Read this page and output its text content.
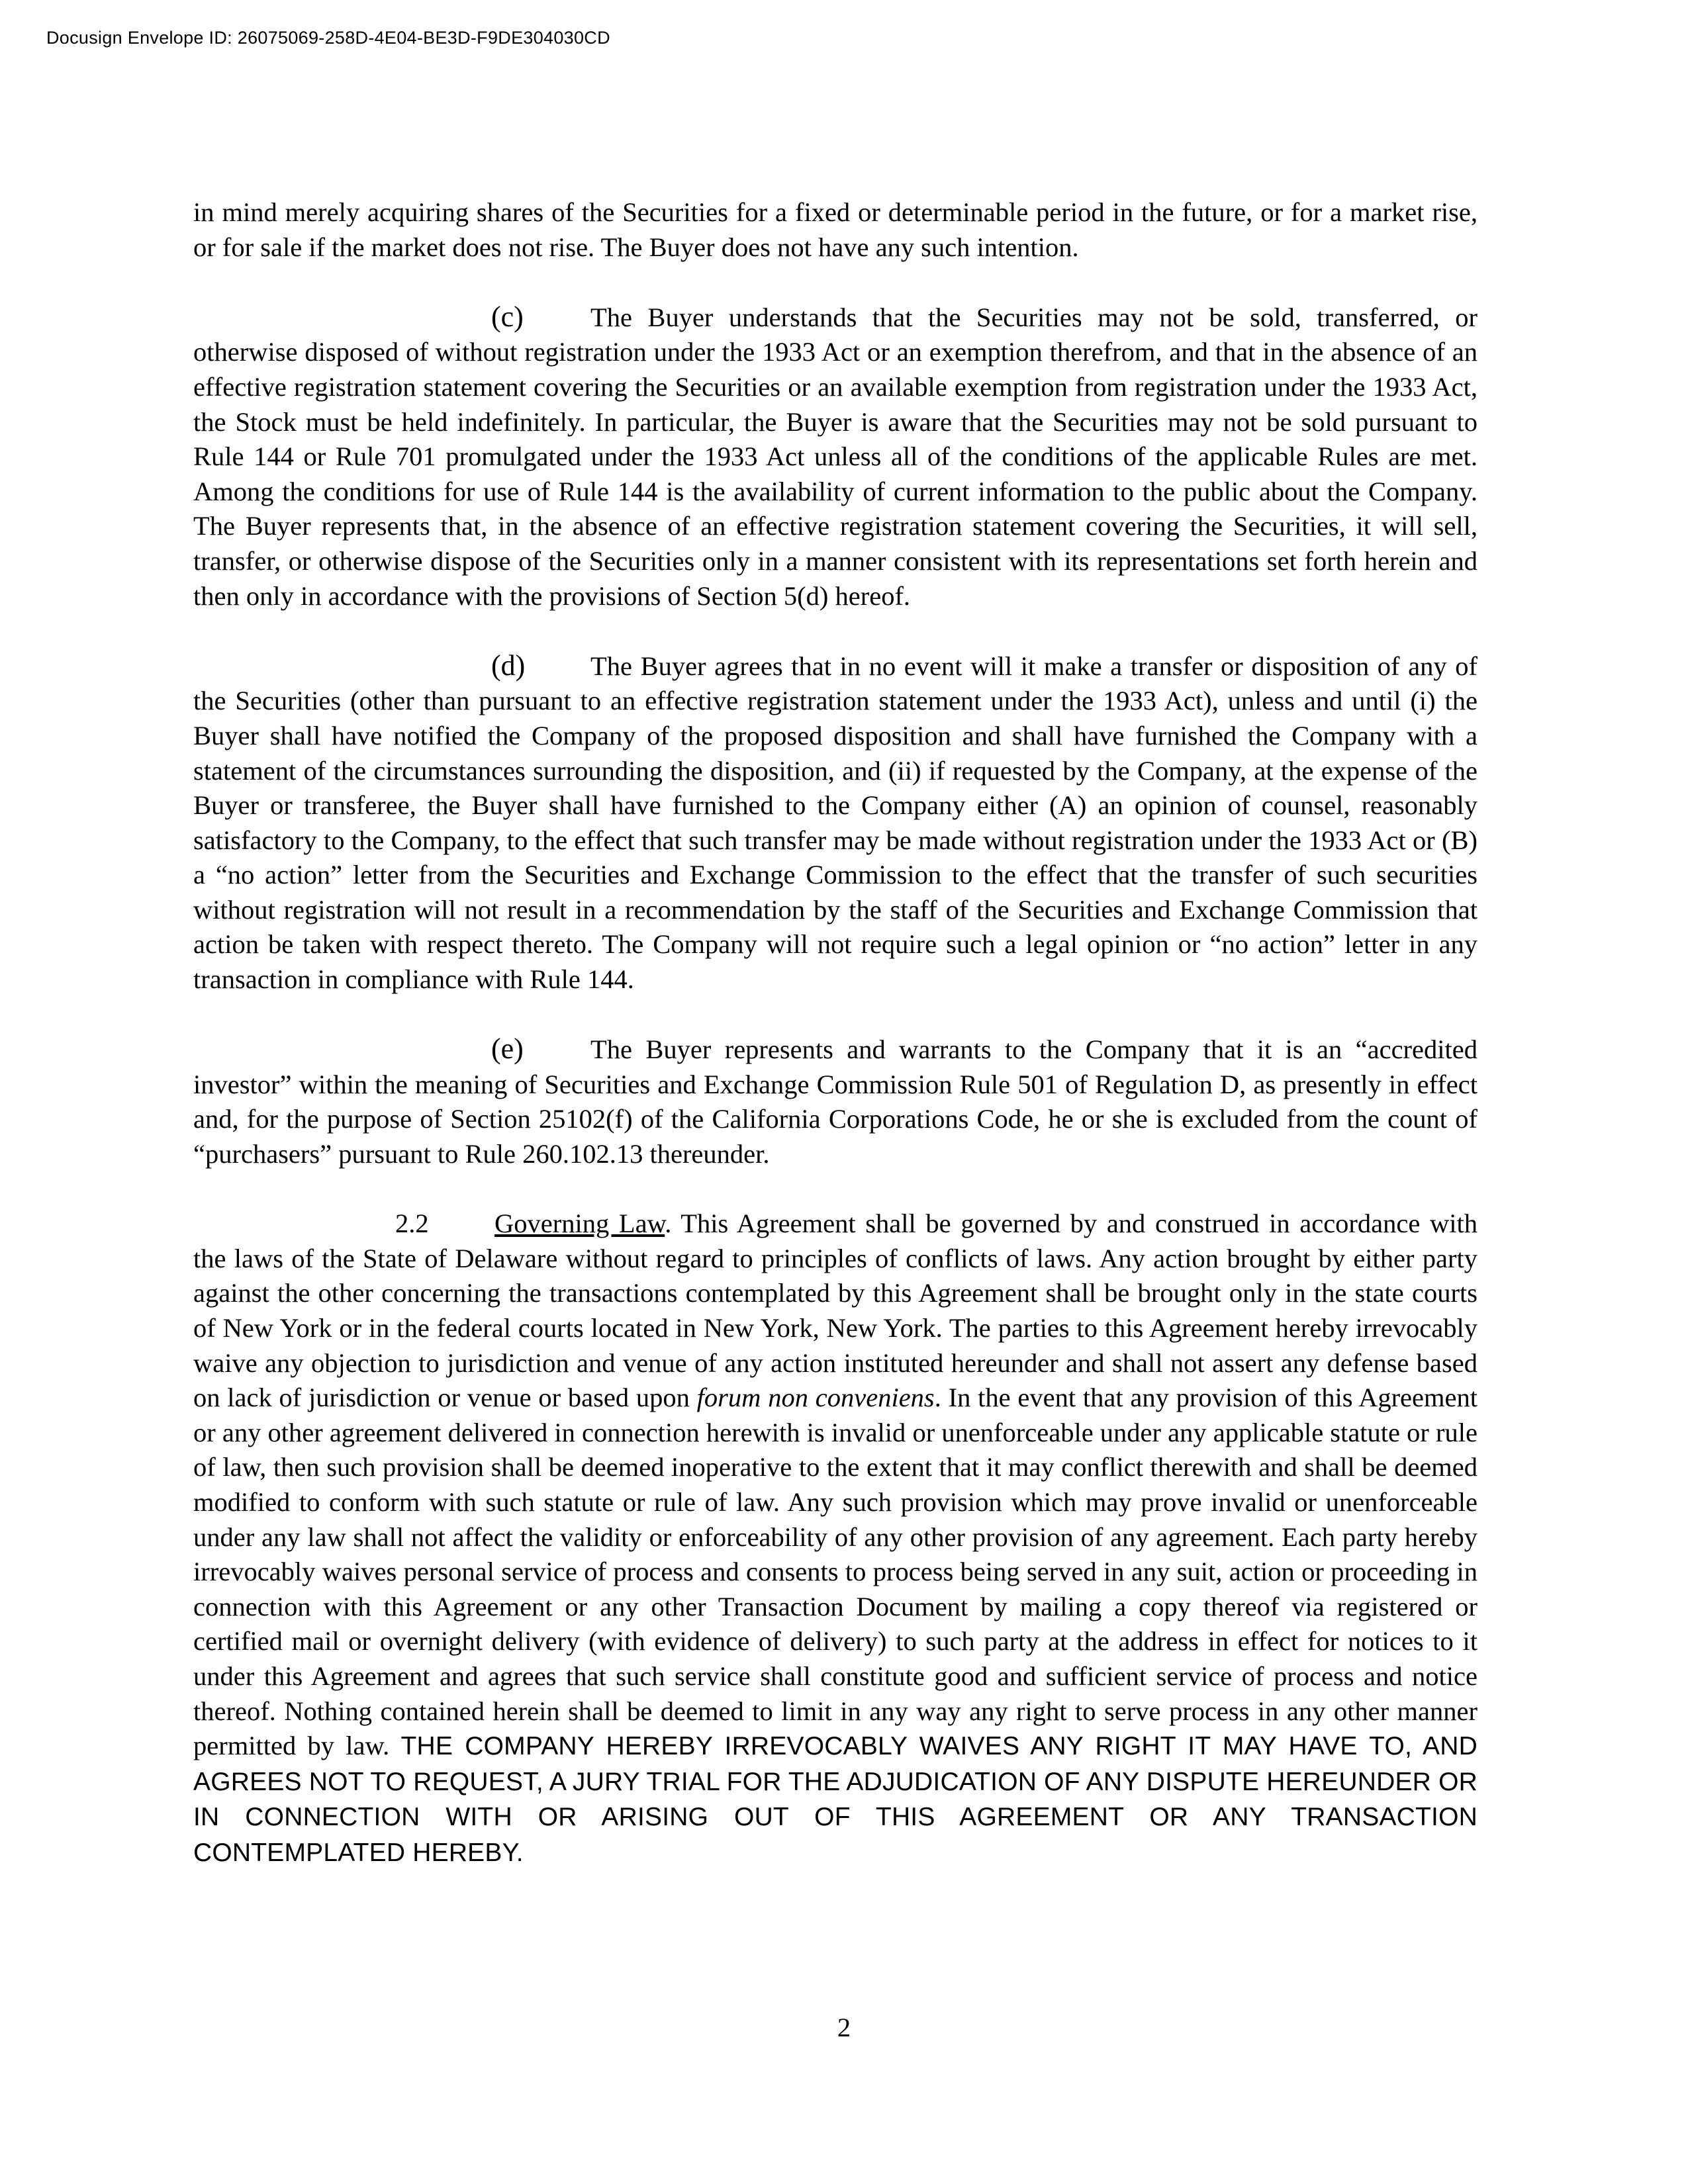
Docusign Envelope ID: 26075069-258D-4E04-BE3D-F9DE304030CD

in mind merely acquiring shares of the Securities for a fixed or determinable period in the future, or for a market rise, or for sale if the market does not rise. The Buyer does not have any such intention.

(c) The Buyer understands that the Securities may not be sold, transferred, or otherwise disposed of without registration under the 1933 Act or an exemption therefrom, and that in the absence of an effective registration statement covering the Securities or an available exemption from registration under the 1933 Act, the Stock must be held indefinitely. In particular, the Buyer is aware that the Securities may not be sold pursuant to Rule 144 or Rule 701 promulgated under the 1933 Act unless all of the conditions of the applicable Rules are met. Among the conditions for use of Rule 144 is the availability of current information to the public about the Company. The Buyer represents that, in the absence of an effective registration statement covering the Securities, it will sell, transfer, or otherwise dispose of the Securities only in a manner consistent with its representations set forth herein and then only in accordance with the provisions of Section 5(d) hereof.

(d) The Buyer agrees that in no event will it make a transfer or disposition of any of the Securities (other than pursuant to an effective registration statement under the 1933 Act), unless and until (i) the Buyer shall have notified the Company of the proposed disposition and shall have furnished the Company with a statement of the circumstances surrounding the disposition, and (ii) if requested by the Company, at the expense of the Buyer or transferee, the Buyer shall have furnished to the Company either (A) an opinion of counsel, reasonably satisfactory to the Company, to the effect that such transfer may be made without registration under the 1933 Act or (B) a “no action” letter from the Securities and Exchange Commission to the effect that the transfer of such securities without registration will not result in a recommendation by the staff of the Securities and Exchange Commission that action be taken with respect thereto. The Company will not require such a legal opinion or “no action” letter in any transaction in compliance with Rule 144.

(e) The Buyer represents and warrants to the Company that it is an “accredited investor” within the meaning of Securities and Exchange Commission Rule 501 of Regulation D, as presently in effect and, for the purpose of Section 25102(f) of the California Corporations Code, he or she is excluded from the count of “purchasers” pursuant to Rule 260.102.13 thereunder.

2.2 Governing Law. This Agreement shall be governed by and construed in accordance with the laws of the State of Delaware without regard to principles of conflicts of laws. Any action brought by either party against the other concerning the transactions contemplated by this Agreement shall be brought only in the state courts of New York or in the federal courts located in New York, New York. The parties to this Agreement hereby irrevocably waive any objection to jurisdiction and venue of any action instituted hereunder and shall not assert any defense based on lack of jurisdiction or venue or based upon forum non conveniens. In the event that any provision of this Agreement or any other agreement delivered in connection herewith is invalid or unenforceable under any applicable statute or rule of law, then such provision shall be deemed inoperative to the extent that it may conflict therewith and shall be deemed modified to conform with such statute or rule of law. Any such provision which may prove invalid or unenforceable under any law shall not affect the validity or enforceability of any other provision of any agreement. Each party hereby irrevocably waives personal service of process and consents to process being served in any suit, action or proceeding in connection with this Agreement or any other Transaction Document by mailing a copy thereof via registered or certified mail or overnight delivery (with evidence of delivery) to such party at the address in effect for notices to it under this Agreement and agrees that such service shall constitute good and sufficient service of process and notice thereof. Nothing contained herein shall be deemed to limit in any way any right to serve process in any other manner permitted by law. THE COMPANY HEREBY IRREVOCABLY WAIVES ANY RIGHT IT MAY HAVE TO, AND AGREES NOT TO REQUEST, A JURY TRIAL FOR THE ADJUDICATION OF ANY DISPUTE HEREUNDER OR IN CONNECTION WITH OR ARISING OUT OF THIS AGREEMENT OR ANY TRANSACTION CONTEMPLATED HEREBY.

2
